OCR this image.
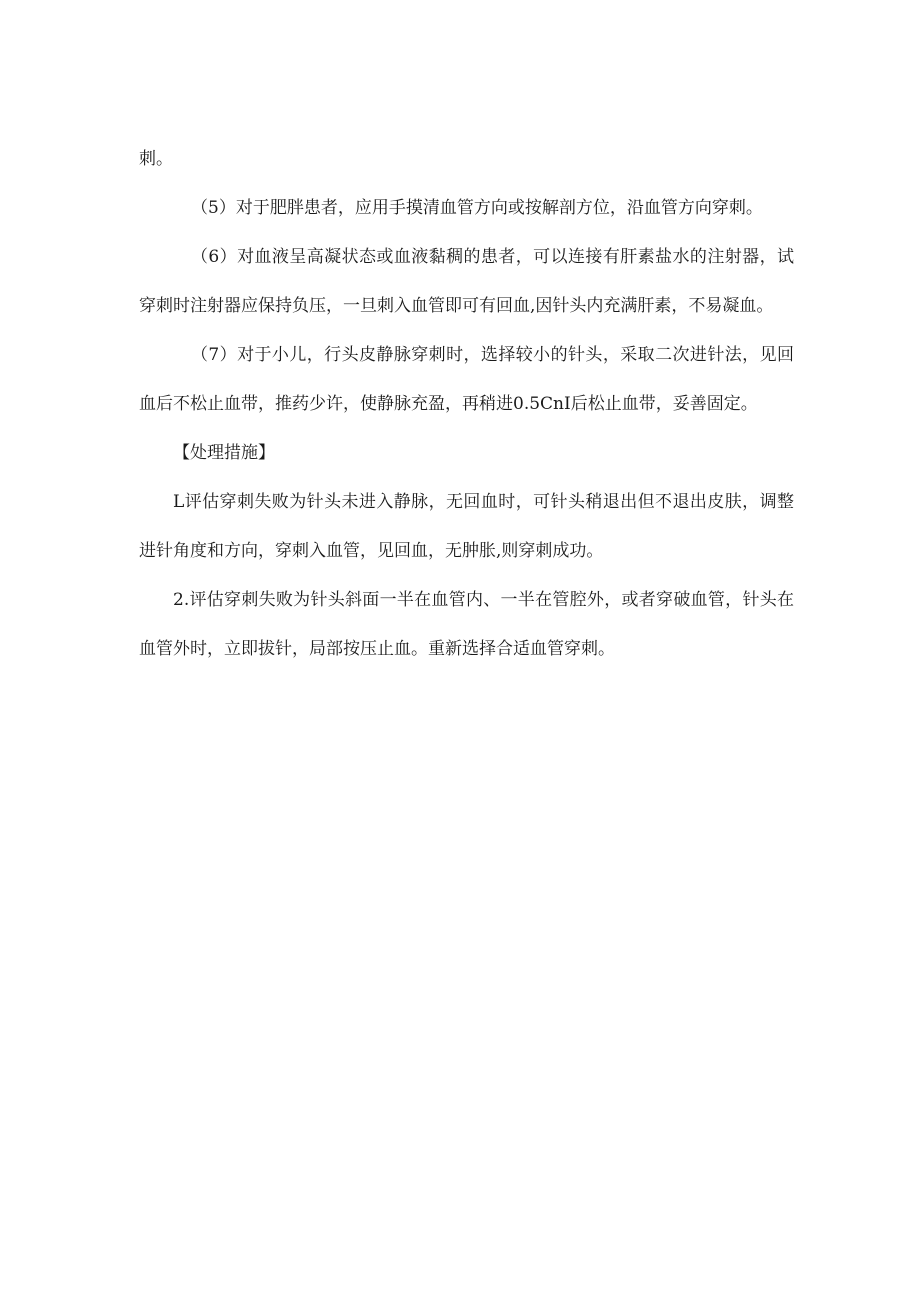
刺。

（5）对于肥胖患者，应用手摸清血管方向或按解剖方位，沿血管方向穿刺。

（6）对血液呈高凝状态或血液黏稠的患者，可以连接有肝素盐水的注射器，试穿刺时注射器应保持负压，一旦刺入血管即可有回血,因针头内充满肝素，不易凝血。

（7）对于小儿，行头皮静脉穿刺时，选择较小的针头，采取二次进针法，见回血后不松止血带，推药少许，使静脉充盈，再稍进0.5CnI后松止血带，妥善固定。

【处理措施】

L评估穿刺失败为针头未进入静脉，无回血时，可针头稍退出但不退出皮肤，调整进针角度和方向，穿刺入血管，见回血，无肿胀,则穿刺成功。

2.评估穿刺失败为针头斜面一半在血管内、一半在管腔外，或者穿破血管，针头在血管外时，立即拔针，局部按压止血。重新选择合适血管穿刺。
